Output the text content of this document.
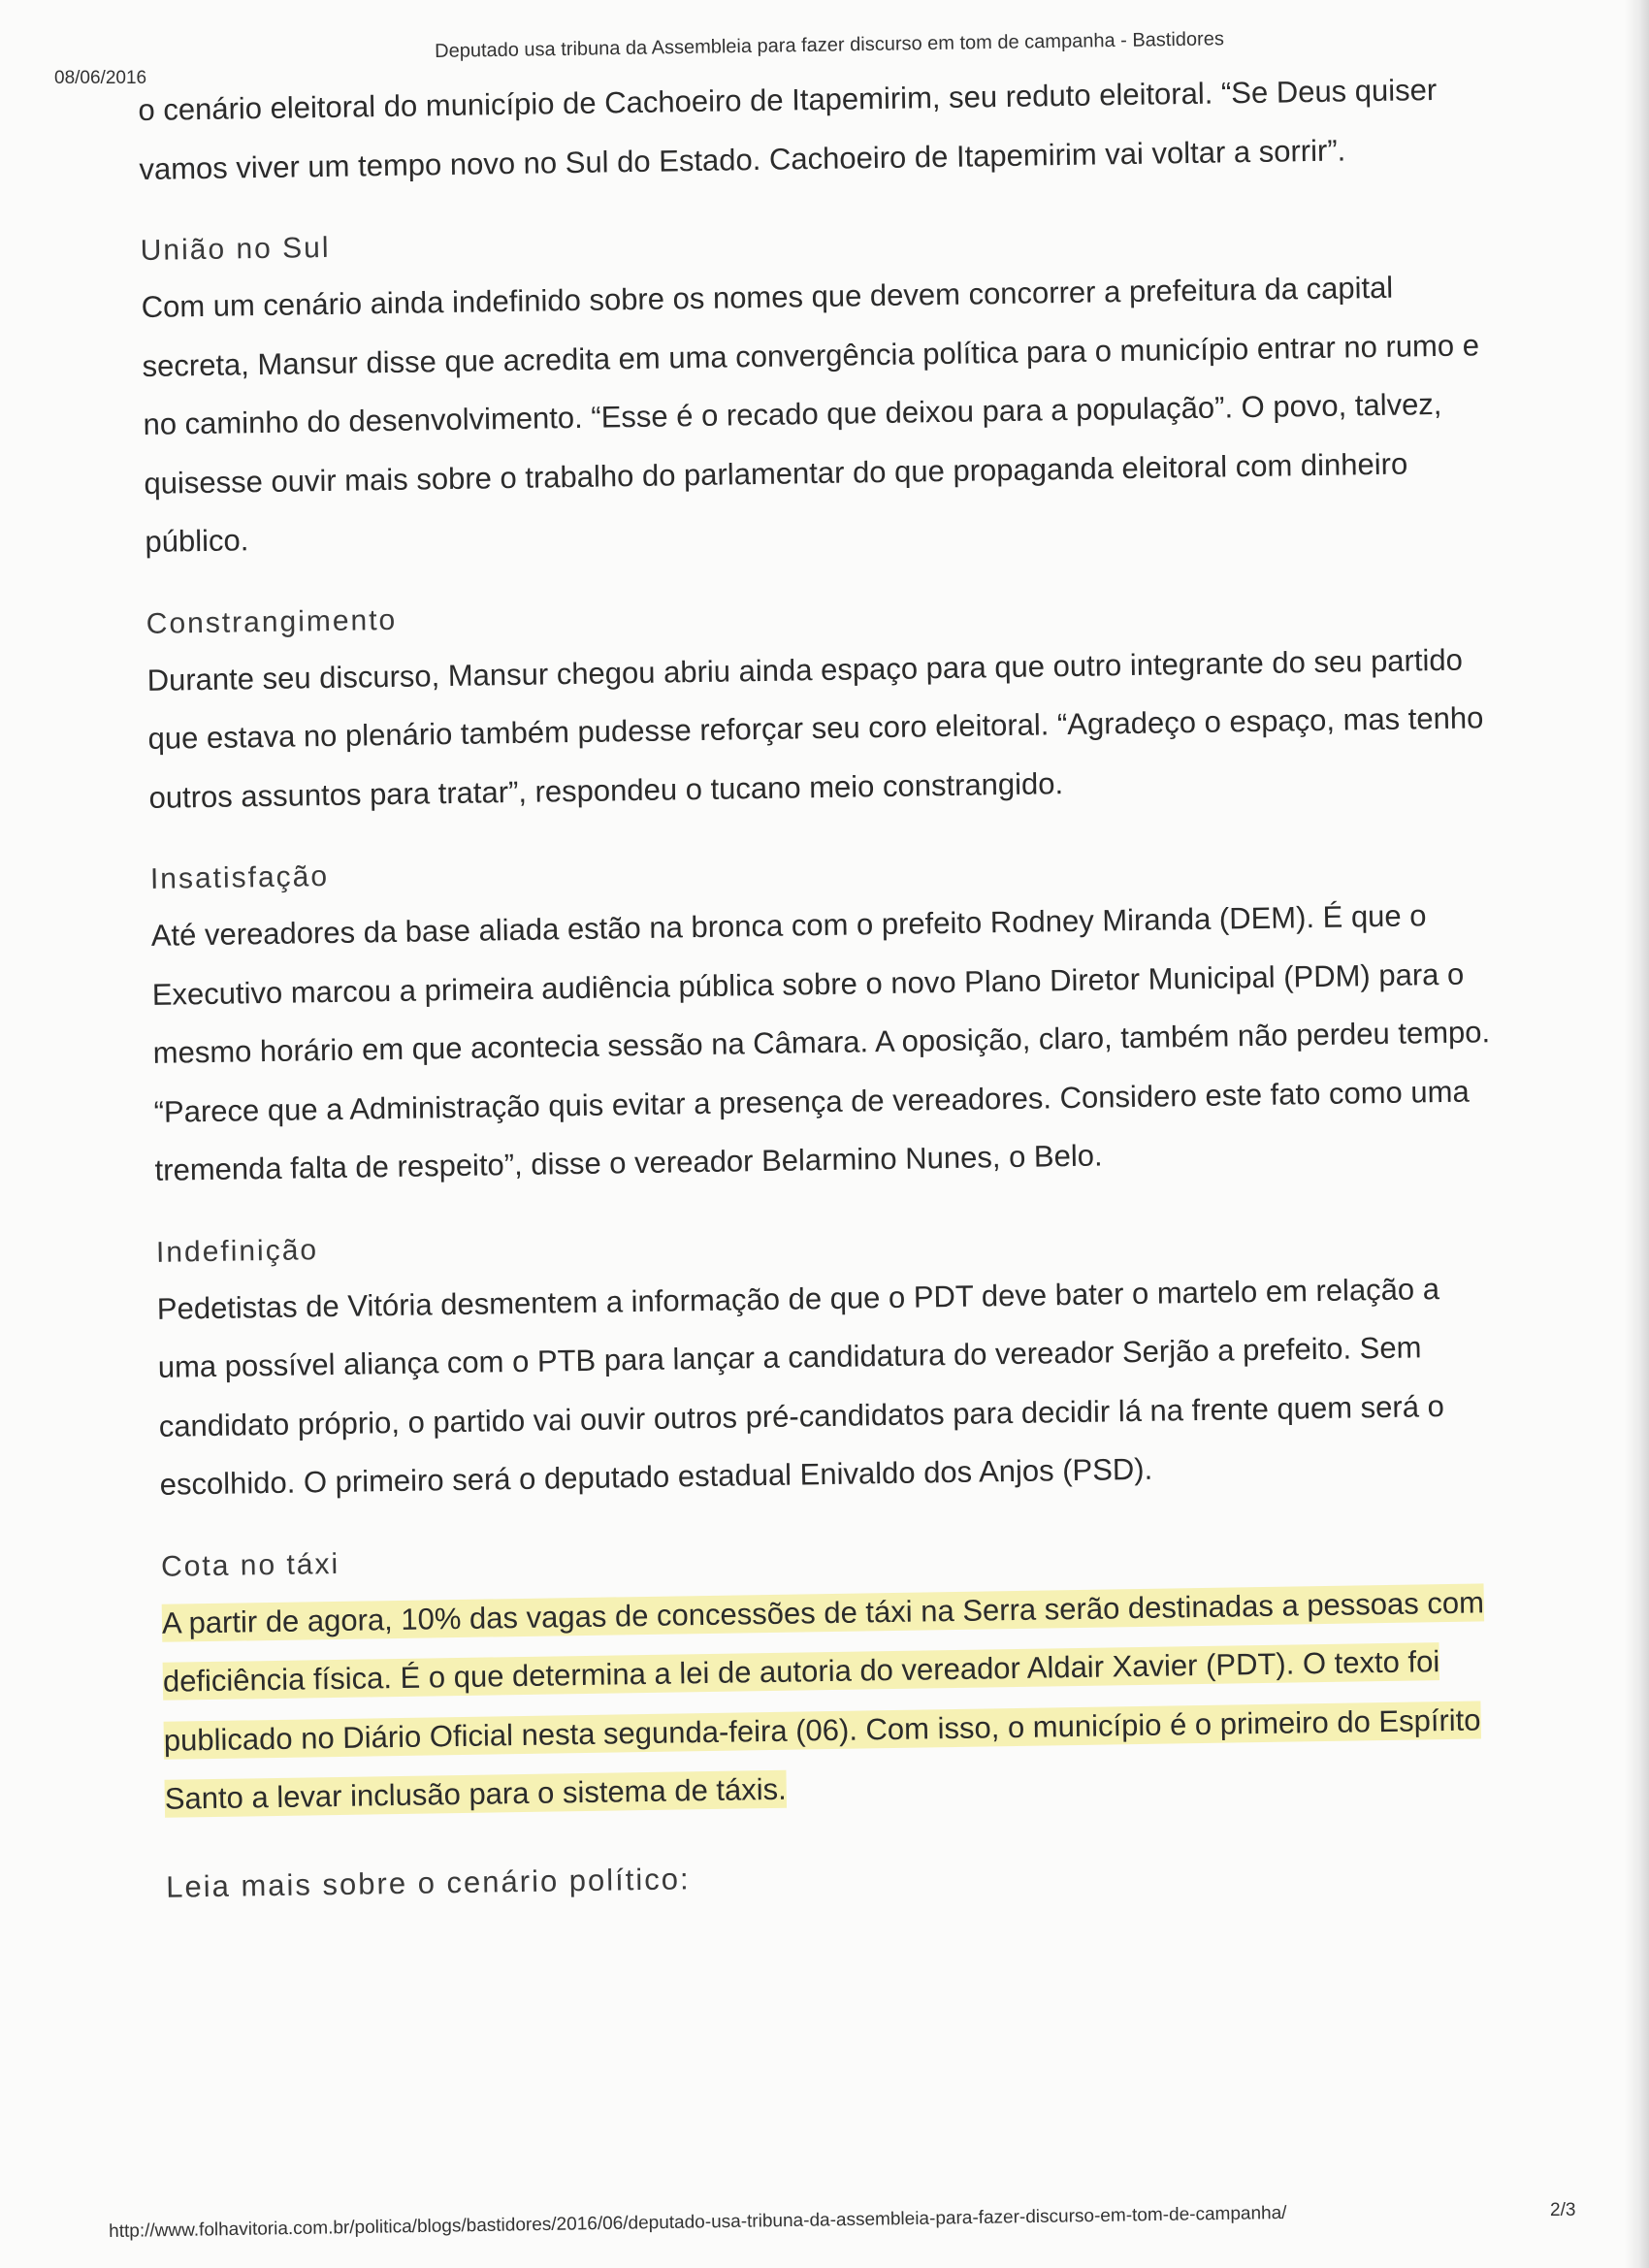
08/06/2016
Deputado usa tribuna da Assembleia para fazer discurso em tom de campanha - Bastidores

o cenário eleitoral do município de Cachoeiro de Itapemirim, seu reduto eleitoral. “Se Deus quiser vamos viver um tempo novo no Sul do Estado. Cachoeiro de Itapemirim vai voltar a sorrir”.

União no Sul

Com um cenário ainda indefinido sobre os nomes que devem concorrer a prefeitura da capital secreta, Mansur disse que acredita em uma convergência política para o município entrar no rumo e no caminho do desenvolvimento. “Esse é o recado que deixou para a população”. O povo, talvez, quisesse ouvir mais sobre o trabalho do parlamentar do que propaganda eleitoral com dinheiro público.

Constrangimento

Durante seu discurso, Mansur chegou abriu ainda espaço para que outro integrante do seu partido que estava no plenário também pudesse reforçar seu coro eleitoral. “Agradeço o espaço, mas tenho outros assuntos para tratar”, respondeu o tucano meio constrangido.

Insatisfação

Até vereadores da base aliada estão na bronca com o prefeito Rodney Miranda (DEM). É que o Executivo marcou a primeira audiência pública sobre o novo Plano Diretor Municipal (PDM) para o mesmo horário em que acontecia sessão na Câmara. A oposição, claro, também não perdeu tempo. “Parece que a Administração quis evitar a presença de vereadores. Considero este fato como uma tremenda falta de respeito”, disse o vereador Belarmino Nunes, o Belo.

Indefinição

Pedetistas de Vitória desmentem a informação de que o PDT deve bater o martelo em relação a uma possível aliança com o PTB para lançar a candidatura do vereador Serjão a prefeito. Sem candidato próprio, o partido vai ouvir outros pré-candidatos para decidir lá na frente quem será o escolhido. O primeiro será o deputado estadual Enivaldo dos Anjos (PSD).

Cota no táxi

A partir de agora, 10% das vagas de concessões de táxi na Serra serão destinadas a pessoas com deficiência física. É o que determina a lei de autoria do vereador Aldair Xavier (PDT). O texto foi publicado no Diário Oficial nesta segunda-feira (06). Com isso, o município é o primeiro do Espírito Santo a levar inclusão para o sistema de táxis.

Leia mais sobre o cenário político:

http://www.folhavitoria.com.br/politica/blogs/bastidores/2016/06/deputado-usa-tribuna-da-assembleia-para-fazer-discurso-em-tom-de-campanha/	2/3
